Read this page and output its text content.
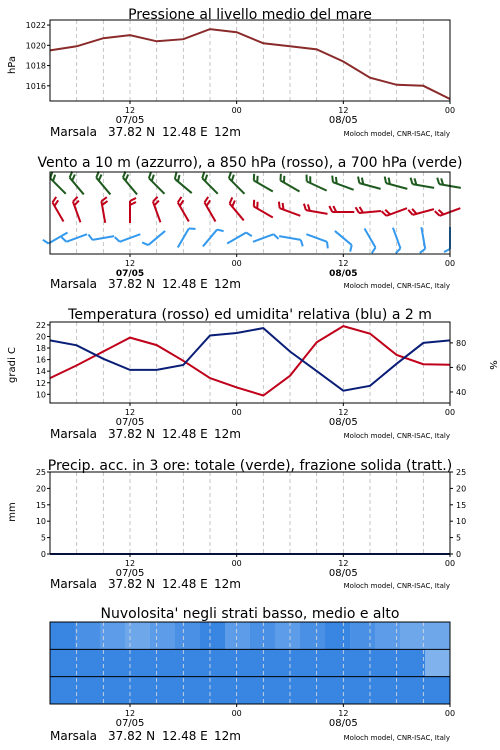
Pressione al livello medio del mare
hPa
1016
1018
1020
1022
12	00	12	00
07/05	08/05
Vento a 10 m (azzurro), a 850 hPa (rosso), a 700 hPa (verde)
12	00	12	00
07/05	08/05
Temperatura (rosso) ed umidita' relativa (blu) a 2 m
gradi C	%
10
12
14
16
18
20
22
40
60
80
12	00	12	00
07/05	08/05
Precip. acc. in 3 ore: totale (verde), frazione solida (tratt.)
mm
0
5
10
15
20
25
0
5
10
15
20
25
12	00	12	00
07/05	08/05
Nuvolosita' negli strati basso, medio e alto
12	00	12	00
07/05	08/05
Marsala 37.82 N 12.48 E 12m	Moloch model, CNR-ISAC, Italy
Marsala 37.82 N 12.48 E 12m	Moloch model, CNR-ISAC, Italy
Marsala 37.82 N 12.48 E 12m	Moloch model, CNR-ISAC, Italy
Marsala 37.82 N 12.48 E 12m	Moloch model, CNR-ISAC, Italy
Marsala 37.82 N 12.48 E 12m	Moloch model, CNR-ISAC, Italy
